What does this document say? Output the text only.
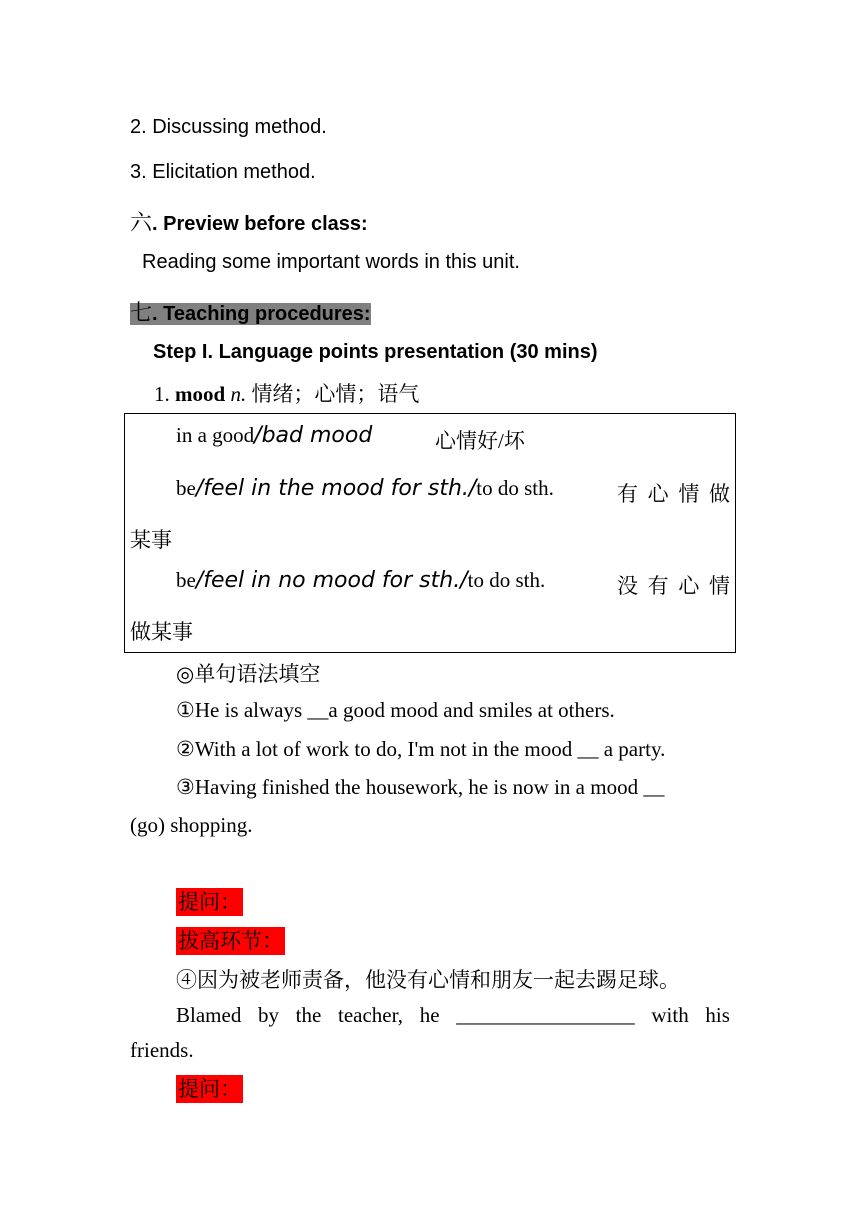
2. Discussing method.
3. Elicitation method.
六. Preview before class:
Reading some important words in this unit.
七. Teaching procedures:
Step I. Language points presentation (30 mins)
1. mood n. 情绪；心情；语气
in a good/bad mood	心情好/坏
be/feel in the mood for sth./to do sth.	有 心 情 做
某事
be/feel in no mood for sth./to do sth.	没 有 心 情
做某事
◎单句语法填空
①He is always __a good mood and smiles at others.
②With a lot of work to do, I'm not in the mood __ a party.
③Having finished the housework, he is now in a mood __
(go) shopping.
提问：
拔高环节：
④因为被老师责备，他没有心情和朋友一起去踢足球。
Blamed by the teacher, he _________________ with his
friends.
提问：
